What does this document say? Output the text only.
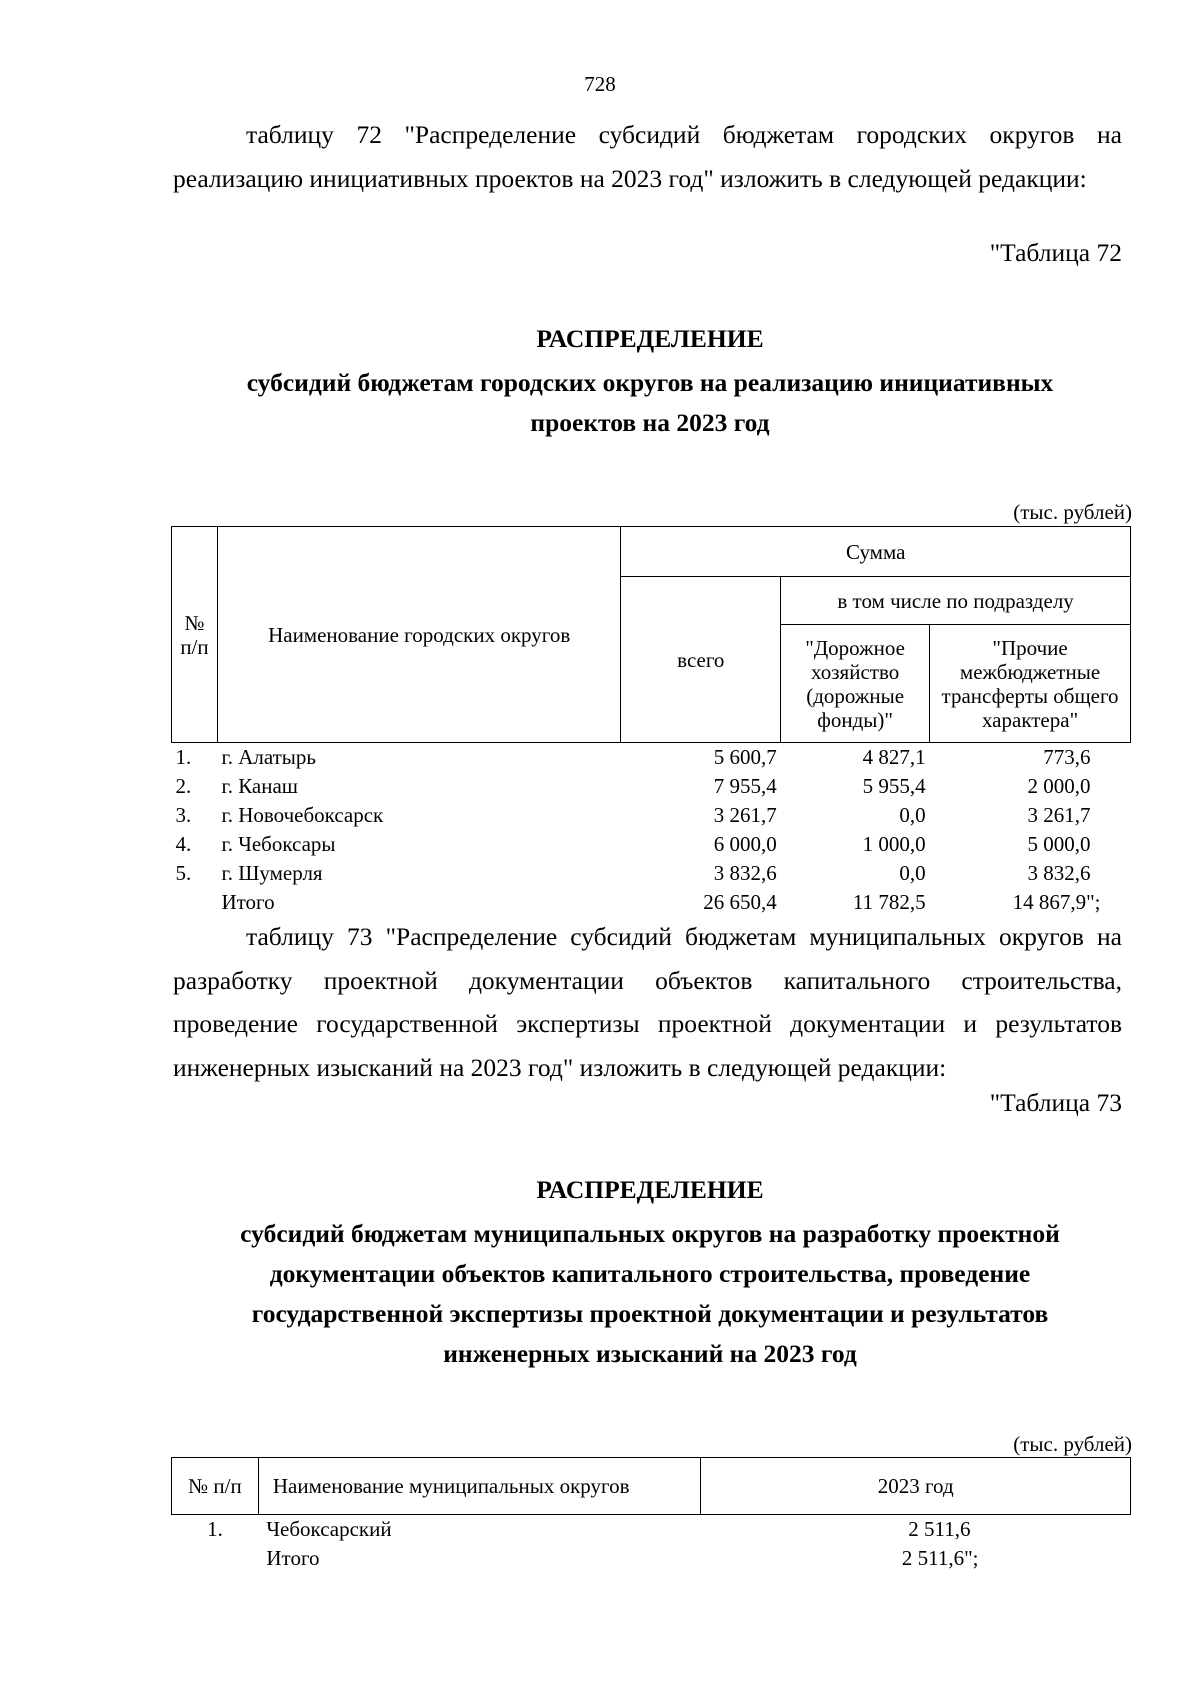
728

таблицу 72 "Распределение субсидий бюджетам городских округов на реализацию инициативных проектов на 2023 год" изложить в следующей редакции:

"Таблица 72

РАСПРЕДЕЛЕНИЕ

субсидий бюджетам городских округов на реализацию инициативных проектов на 2023 год

(тыс. рублей)
№ п/п	Наименование городских округов	Сумма		
		всего	в том числе по подразделу	
			"Дорожное хозяйство (дорожные фонды)"	"Прочие межбюджетные трансферты общего характера"
1.	г. Алатырь	5 600,7	4 827,1	773,6
2.	г. Канаш	7 955,4	5 955,4	2 000,0
3.	г. Новочебоксарск	3 261,7	0,0	3 261,7
4.	г. Чебоксары	6 000,0	1 000,0	5 000,0
5.	г. Шумерля	3 832,6	0,0	3 832,6
	Итого	26 650,4	11 782,5	14 867,9";

таблицу 73 "Распределение субсидий бюджетам муниципальных округов на разработку проектной документации объектов капитального строительства, проведение государственной экспертизы проектной документации и результатов инженерных изысканий на 2023 год" изложить в следующей редакции:

"Таблица 73

РАСПРЕДЕЛЕНИЕ

субсидий бюджетам муниципальных округов на разработку проектной документации объектов капитального строительства, проведение государственной экспертизы проектной документации и результатов инженерных изысканий на 2023 год

(тыс. рублей)
№ п/п	Наименование муниципальных округов	2023 год
1.	Чебоксарский	2 511,6
	Итого	2 511,6";
